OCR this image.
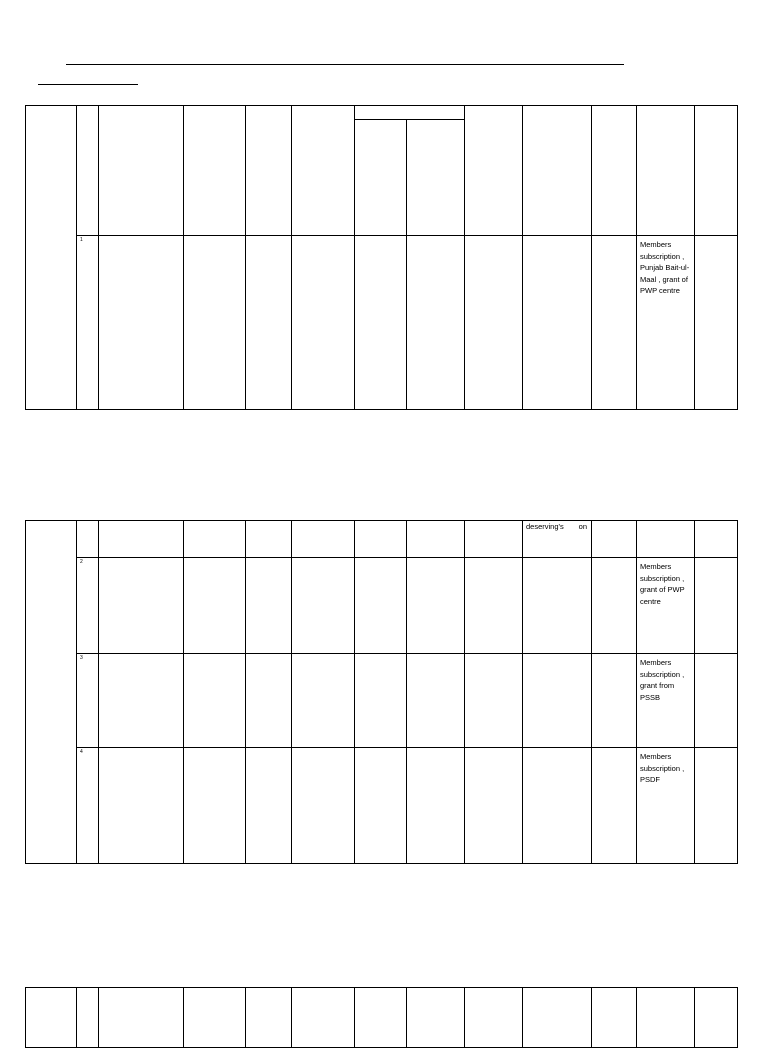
	1										Members
subscription ,
Punjab Bait-ul-
Maal , grant of
PWP centre	

									deserving's on			

	2										Members
subscription ,
grant of PWP
centre	

	3										Members
subscription ,
grant from
PSSB	

	4										Members
subscription ,
PSDF	
